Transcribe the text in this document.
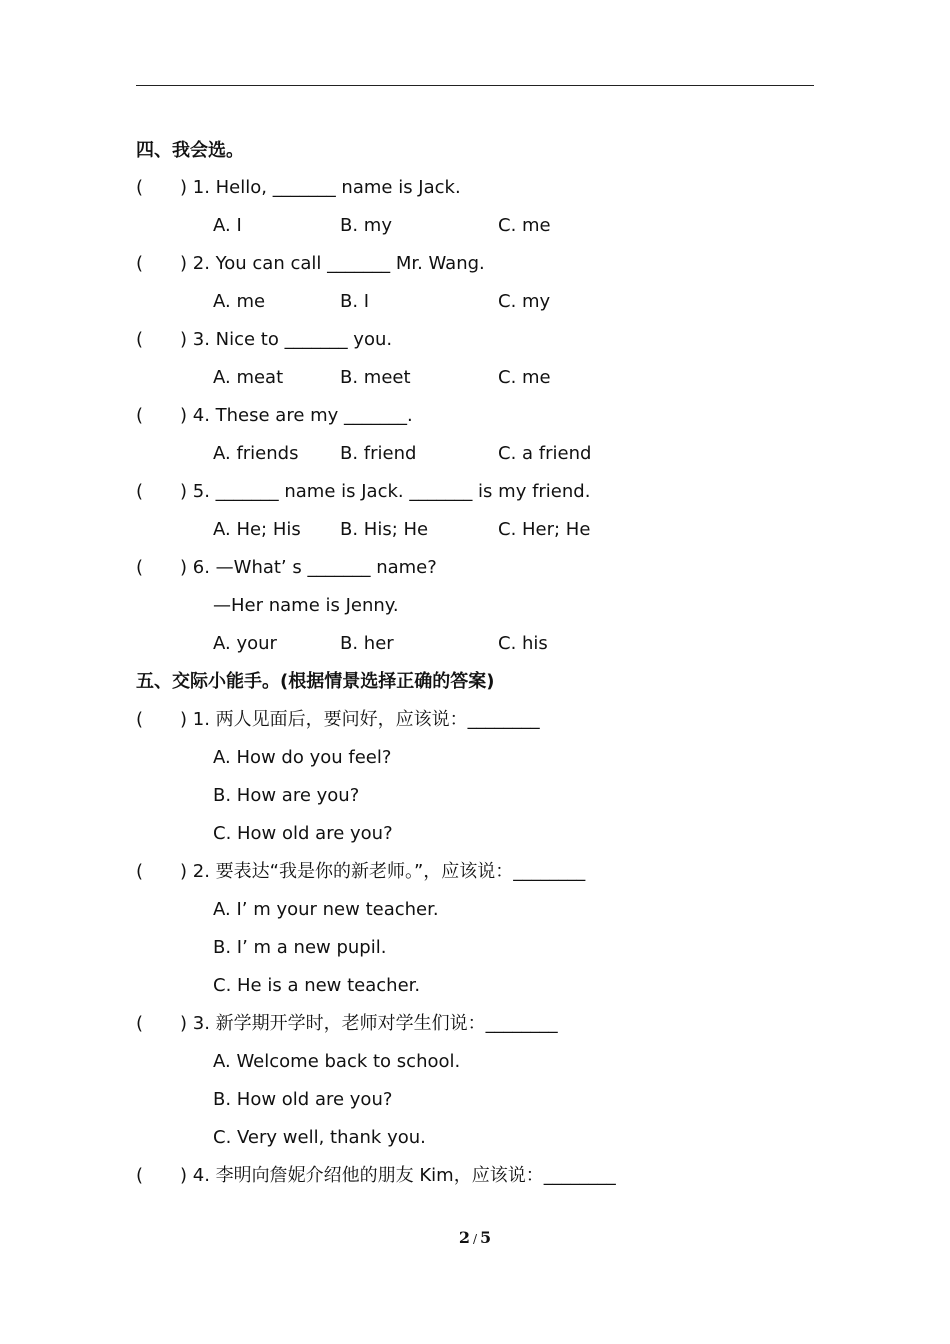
四、我会选。

(

	) 1. Hello, _______ name is Jack.

A. I

	B. my

	C. me

(

	) 2. You can call _______ Mr. Wang.

A. me

	B. I

	C. my

(

	) 3. Nice to _______ you.

A. meat

	B. meet

	C. me

(

	) 4. These are my _______.

A. friends

B. friend

	C. a friend

(

	) 5. _______ name is Jack. _______ is my friend.

A. He; His

B. His; He

	C. Her; He

(

	) 6. —What’ s _______ name?

—Her name is Jenny.

A. your

	B. her

	C. his

五、交际小能手。(根据情景选择正确的答案)

(

	) 1. 两人见面后，要问好，应该说：________

A. How do you feel?
B. How are you?
C. How old are you?

(

	) 2. 要表达“我是你的新老师。”，应该说：________

A. I’ m your new teacher.
B. I’ m a new pupil.
C. He is a new teacher.

(

	) 3. 新学期开学时，老师对学生们说：________

A. Welcome back to school.
B. How old are you?
C. Very well, thank you.

(

	) 4. 李明向詹妮介绍他的朋友 Kim，应该说：________

2 / 5
